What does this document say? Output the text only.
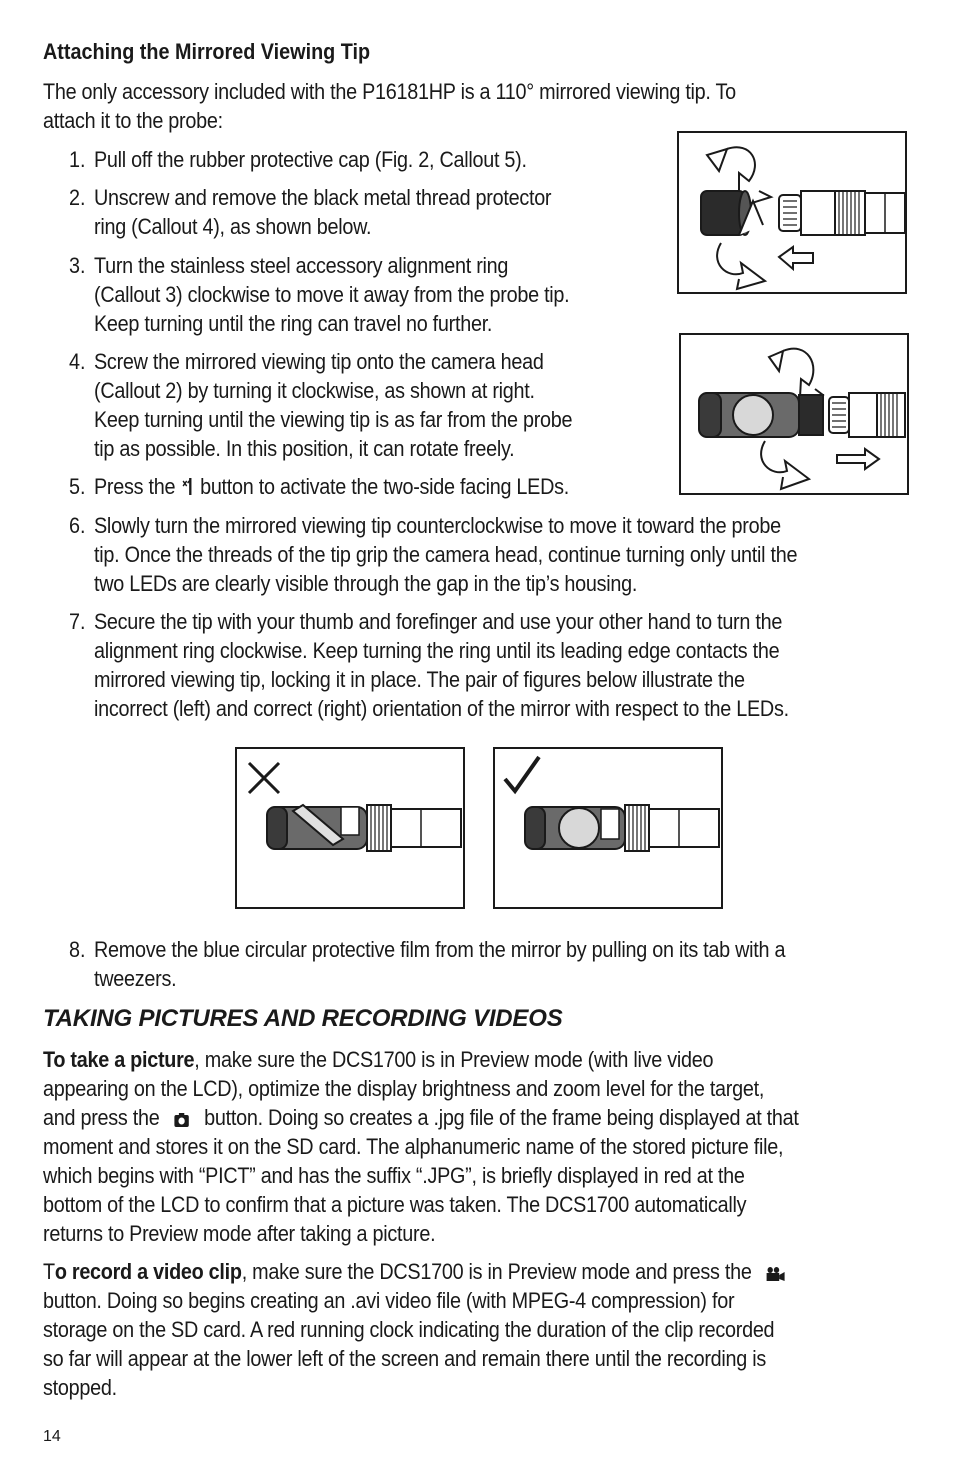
Attaching the Mirrored Viewing Tip
The only accessory included with the P16181HP is a 110° mirrored viewing tip. To
attach it to the probe:
1. Pull off the rubber protective cap (Fig. 2, Callout 5).
2. Unscrew and remove the black metal thread protector
ring (Callout 4), as shown below.
3. Turn the stainless steel accessory alignment ring
(Callout 3) clockwise to move it away from the probe tip.
Keep turning until the ring can travel no further.
4. Screw the mirrored viewing tip onto the camera head
(Callout 2) by turning it clockwise, as shown at right.
Keep turning until the viewing tip is as far from the probe
tip as possible. In this position, it can rotate freely.
5. Press the button to activate the two-side facing LEDs.
6. Slowly turn the mirrored viewing tip counterclockwise to move it toward the probe
tip. Once the threads of the tip grip the camera head, continue turning only until the
two LEDs are clearly visible through the gap in the tip’s housing.
7. Secure the tip with your thumb and forefinger and use your other hand to turn the
alignment ring clockwise. Keep turning the ring until its leading edge contacts the
mirrored viewing tip, locking it in place. The pair of figures below illustrate the
incorrect (left) and correct (right) orientation of the mirror with respect to the LEDs.
8. Remove the blue circular protective film from the mirror by pulling on its tab with a
tweezers.
TAKING PICTURES AND RECORDING VIDEOS
To take a picture, make sure the DCS1700 is in Preview mode (with live video
appearing on the LCD), optimize the display brightness and zoom level for the target,
and press the button. Doing so creates a .jpg file of the frame being displayed at that
moment and stores it on the SD card. The alphanumeric name of the stored picture file,
which begins with “PICT” and has the suffix “.JPG”, is briefly displayed in red at the
bottom of the LCD to confirm that a picture was taken. The DCS1700 automatically
returns to Preview mode after taking a picture.
To record a video clip, make sure the DCS1700 is in Preview mode and press the
button. Doing so begins creating an .avi video file (with MPEG-4 compression) for
storage on the SD card. A red running clock indicating the duration of the clip recorded
so far will appear at the lower left of the screen and remain there until the recording is
stopped.
14
